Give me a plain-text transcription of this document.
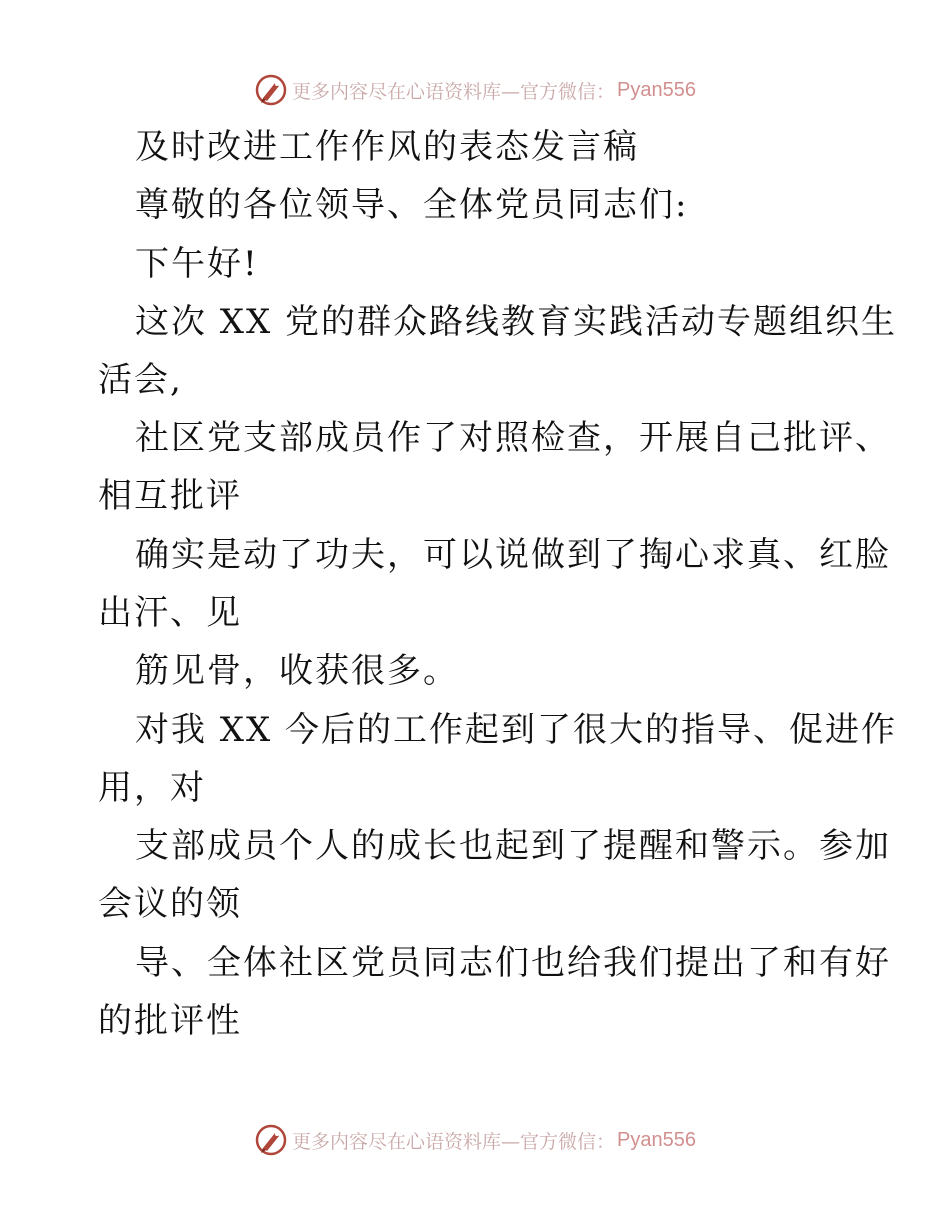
更多内容尽在心语资料库—官方微信： Pyan556
及时改进工作作风的表态发言稿
尊敬的各位领导、全体党员同志们:
下午好!
这次 XX 党的群众路线教育实践活动专题组织生
活会,
社区党支部成员作了对照检查，开展自己批评、
相互批评
确实是动了功夫，可以说做到了掏心求真、红脸
出汗、见
筋见骨，收获很多。
对我 XX 今后的工作起到了很大的指导、促进作
用，对
支部成员个人的成长也起到了提醒和警示。参加
会议的领
导、全体社区党员同志们也给我们提出了和有好
的批评性
更多内容尽在心语资料库—官方微信： Pyan556
